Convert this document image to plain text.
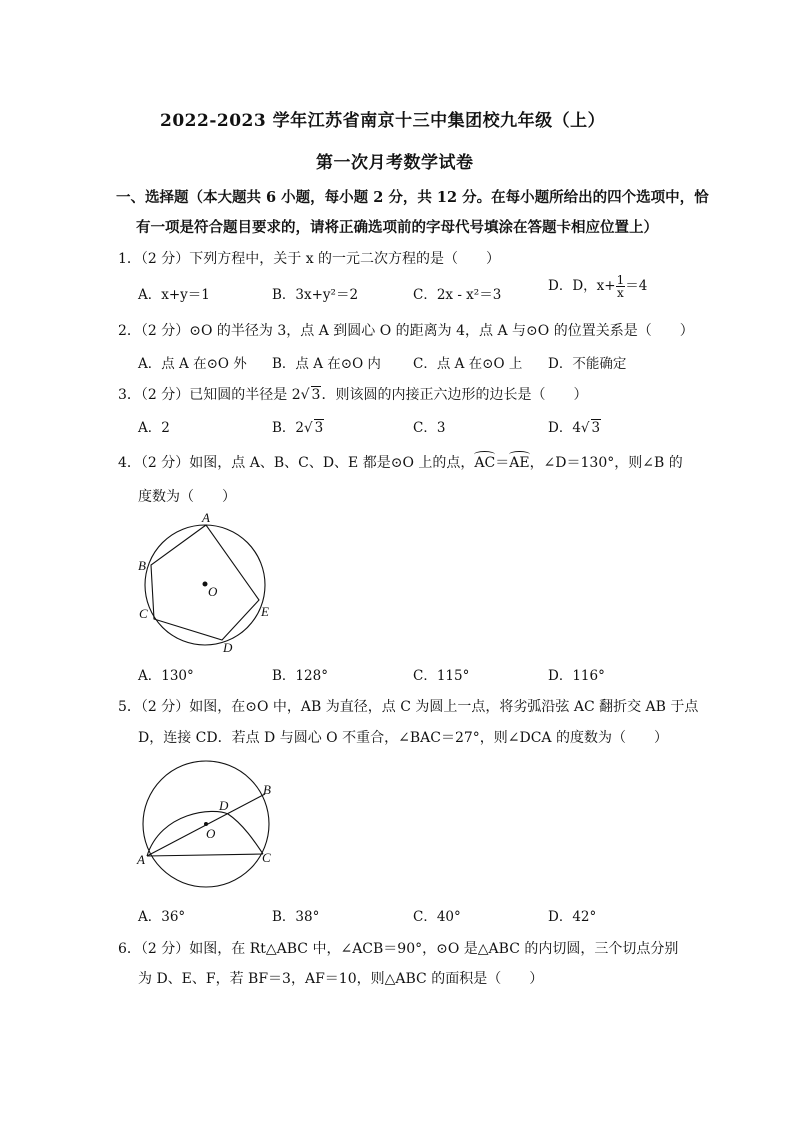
2022-2023 学年江苏省南京十三中集团校九年级（上）
第一次月考数学试卷
一、选择题（本大题共 6 小题，每小题 2 分，共 12 分。在每小题所给出的四个选项中，恰
有一项是符合题目要求的，请将正确选项前的字母代号填涂在答题卡相应位置上）
1．（2 分）下列方程中，关于 x 的一元二次方程的是（　　）
A．x+y＝1	B．3x+y²＝2	C．2x - x²＝3
D．D，$x+ \frac{1}{x} =4$
2．（2 分）⊙O 的半径为 3，点 A 到圆心 O 的距离为 4，点 A 与⊙O 的位置关系是（　　）
A．点 A 在⊙O 外 B．点 A 在⊙O 内 C．点 A 在⊙O 上 D．不能确定
3．（2 分）已知圆的半径是 2√ 3．则该圆的内接正六边形的边长是（　　）
A．2	B．2√ 3	C．3	D．4√ 3
4．（2 分）如图，点 A、B、C、D、E 都是⊙O 上的点，AC＝AE，∠D＝130°，则∠B 的
度数为（　　）
A
B
C
D
E
O
A．130°	B．128°	C．115°	D．116°
5．（2 分）如图，在⊙O 中，AB 为直径，点 C 为圆上一点，将劣弧沿弦 AC 翻折交 AB 于点
D，连接 CD．若点 D 与圆心 O 不重合，∠BAC＝27°，则∠DCA 的度数为（　　）
A
B
C
D
O
A．36°	B．38°	C．40°	D．42°
6．（2 分）如图，在 Rt△ABC 中，∠ACB＝90°，⊙O 是△ABC 的内切圆，三个切点分别
为 D、E、F，若 BF＝3，AF＝10，则△ABC 的面积是（　　）
